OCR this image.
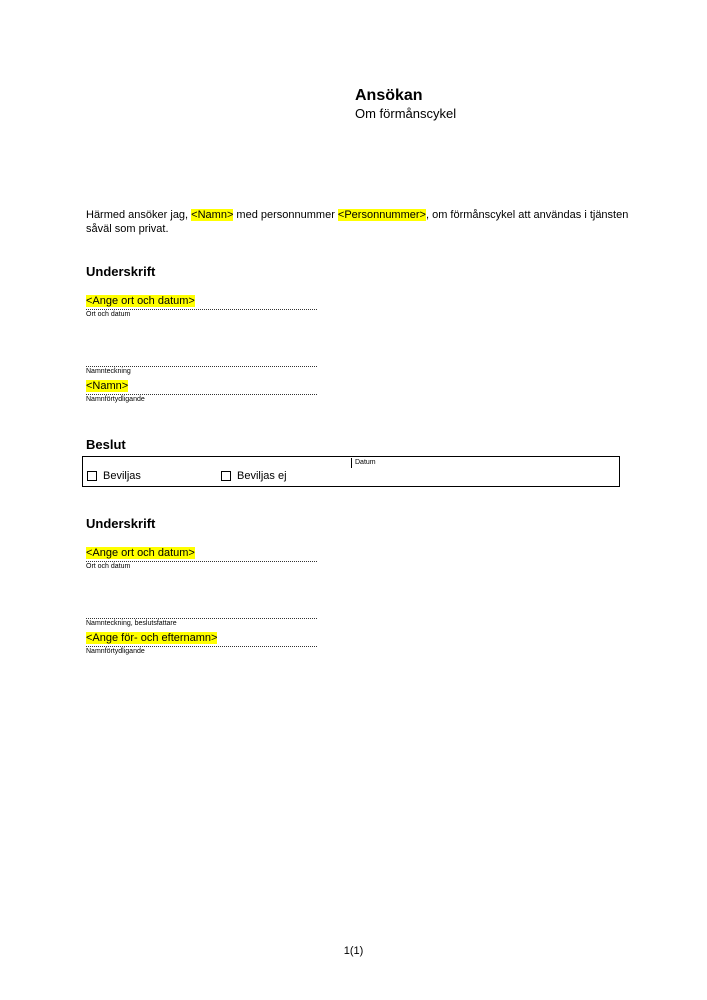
Ansökan
Om förmånscykel
Härmed ansöker jag, <Namn> med personnummer <Personnummer>, om förmånscykel att användas i tjänsten såväl som privat.
Underskrift
<Ange ort och datum>
Ort och datum
Namnteckning
<Namn>
Namnförtydligande
Beslut
Datum
Beviljas	Beviljas ej
Underskrift
<Ange ort och datum>
Ort och datum
Namnteckning, beslutsfattare
<Ange för- och efternamn>
Namnförtydligande
1(1)
